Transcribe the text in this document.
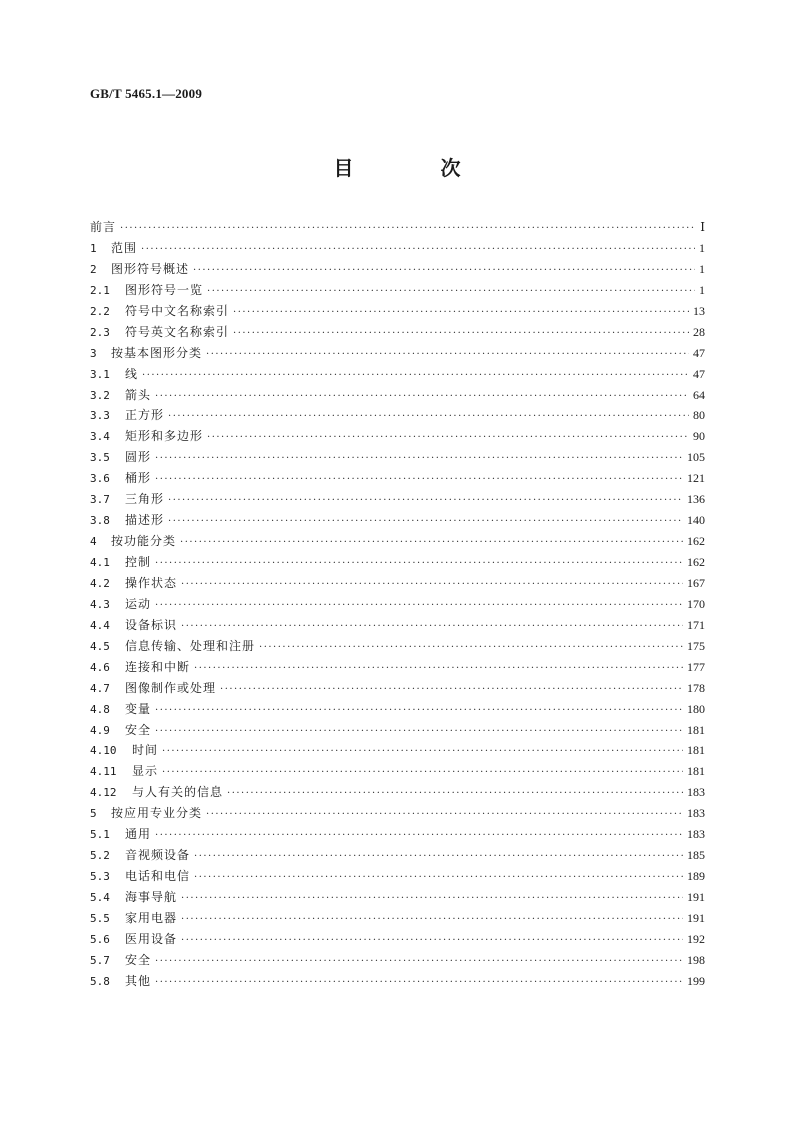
GB/T 5465.1—2009
目 次
前言 ·····	Ⅰ
1	范围 ·····	1
2	图形符号概述 ·····	1
2.1	图形符号一览 ·····	1
2.2	符号中文名称索引 ·····	13
2.3	符号英文名称索引 ·····	28
3	按基本图形分类 ·····	47
3.1	线 ·····	47
3.2	箭头 ·····	64
3.3	正方形 ·····	80
3.4	矩形和多边形 ·····	90
3.5	圆形 ·····	105
3.6	桶形 ·····	121
3.7	三角形 ·····	136
3.8	描述形 ·····	140
4	按功能分类 ·····	162
4.1	控制 ·····	162
4.2	操作状态 ·····	167
4.3	运动 ·····	170
4.4	设备标识 ·····	171
4.5	信息传输、处理和注册 ·····	175
4.6	连接和中断 ·····	177
4.7	图像制作或处理 ·····	178
4.8	变量 ·····	180
4.9	安全 ·····	181
4.10	时间 ·····	181
4.11	显示 ·····	181
4.12	与人有关的信息 ·····	183
5	按应用专业分类 ·····	183
5.1	通用 ·····	183
5.2	音视频设备 ·····	185
5.3	电话和电信 ·····	189
5.4	海事导航 ·····	191
5.5	家用电器 ·····	191
5.6	医用设备 ·····	192
5.7	安全 ·····	198
5.8	其他 ·····	199
